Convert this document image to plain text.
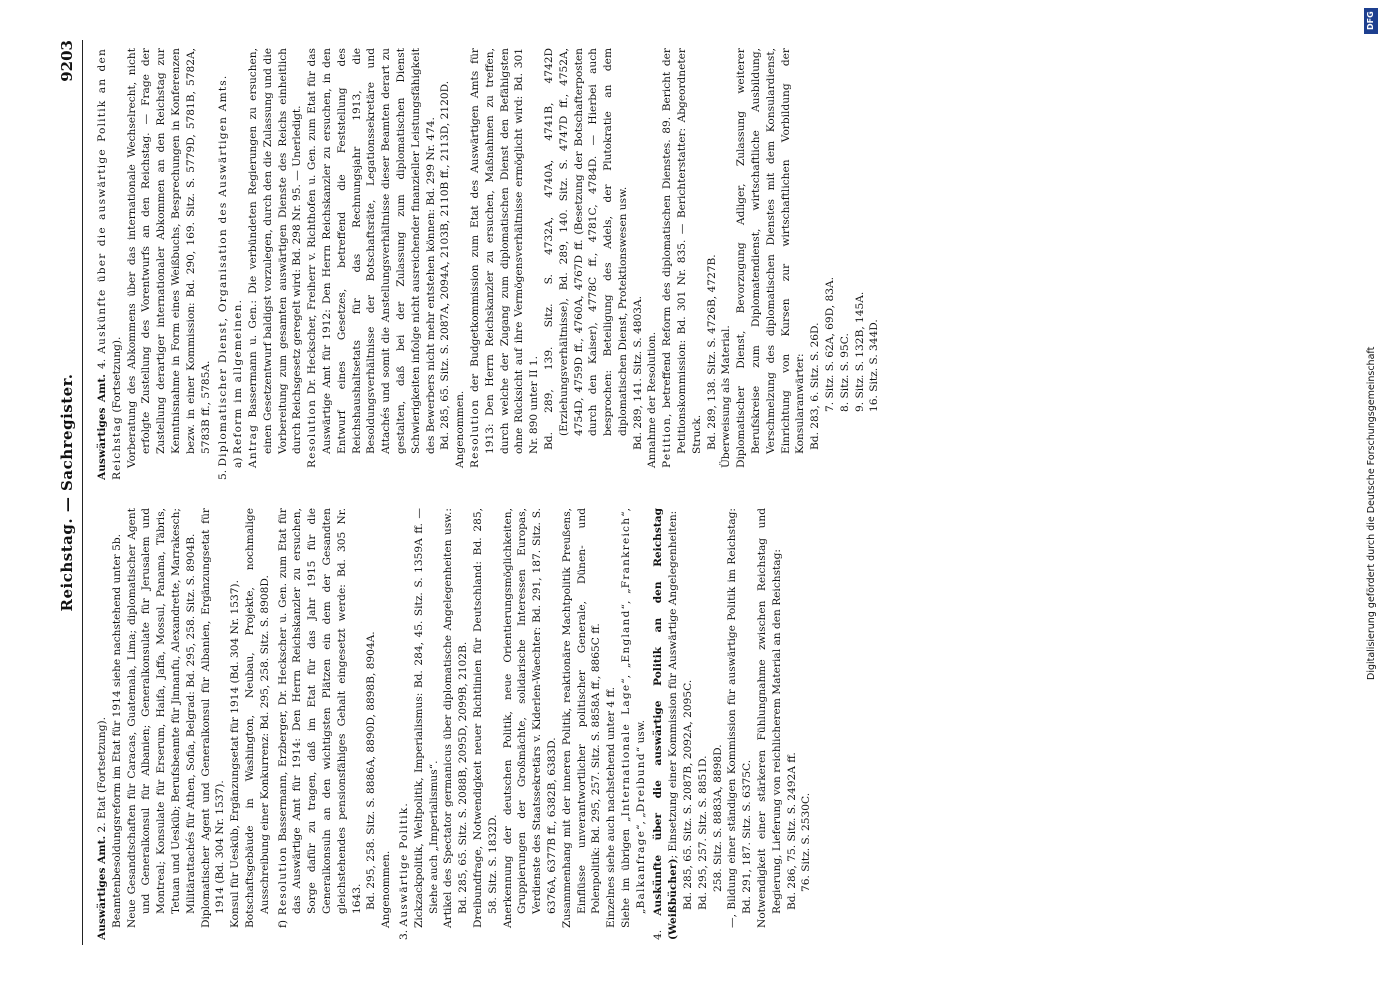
Reichstag. — Sachregister.
9203

Auswärtiges Amt. 2. Etat (Fortsetzung). Beamtenbesoldungsreform im Etat für 1914 siehe nachstehend unter 5b. Neue Gesandtschaften für Caracas, Guatemala, Lima; diplomatischer Agent und Generalkonsul für Albanien; Generalkonsulate für Jerusalem und Montreal; Konsulate für Erserum, Haifa, Jaffa, Mossul, Panama, Täbris, Tetuan und Uesküb; Berufsbeamte für Jinnanfu, Alexandrette, Marrakesch; Militärattachés für Athen, Sofia, Belgrad: Bd. 295, 258. Sitz. S. 8904B. Diplomatischer Agent und Generalkonsul für Albanien, Ergänzungsetat für 1914 (Bd. 304 Nr. 1537). Konsul für Uesküb, Ergänzungsetat für 1914 (Bd. 304 Nr. 1537). Botschaftsgebäude in Washington, Neubau, Projekte, nochmalige Ausschreibung einer Konkurrenz: Bd. 295, 258. Sitz. S. 8908D.

f) Resolution Bassermann, Erzberger, Dr. Heckscher u. Gen. zum Etat für das Auswärtige Amt für 1914: Den Herrn Reichskanzler zu ersuchen, Sorge dafür zu tragen, daß im Etat für das Jahr 1915 für die Generalkonsuln an den wichtigsten Plätzen ein dem der Gesandten gleichstehendes pensionsfähiges Gehalt eingesetzt werde: Bd. 305 Nr. 1643. Bd. 295, 258. Sitz. S. 8886A, 8890D, 8898B, 8904A. Angenommen.

3. Auswärtige Politik. Zickzackpolitik, Weltpolitik, Imperialismus: Bd. 284, 45. Sitz. S. 1359A ff. — Siehe auch „Imperialismus“. Artikel des Spectator germanicus über diplomatische Angelegenheiten usw.: Bd. 285, 65. Sitz. S. 2088B, 2095D, 2099B, 2102B. Dreibundfrage, Notwendigkeit neuer Richtlinien für Deutschland: Bd. 285, 58. Sitz. S. 1832D. Anerkennung der deutschen Politik, neue Orientierungsmöglichkeiten, Gruppierungen der Großmächte, solidarische Interessen Europas, Verdienste des Staatssekretärs v. Kiderlen-Waechter: Bd. 291, 187. Sitz. S. 6376A, 6377B ff., 6382B, 6383D. Zusammenhang mit der inneren Politik, reaktionäre Machtpolitik Preußens, Einflüsse unverantwortlicher politischer Generale, Dünen- und Polenpolitik: Bd. 295, 257. Sitz. S. 8858A ff., 8865C ff. Einzelnes siehe auch nachstehend unter 4 ff. Siehe im übrigen „Internationale Lage“, „England“, „Frankreich“, „Balkanfrage“, „Dreibund“ usw.

4. Auskünfte über die auswärtige Politik an den Reichstag (Weißbücher); Einsetzung einer Kommission für Auswärtige Angelegenheiten: Bd. 285, 65. Sitz. S. 2087B, 2092A, 2095C. Bd. 295, 257. Sitz. S. 8851D. 258. Sitz. S. 8883A, 8898D. —, Bildung einer ständigen Kommission für auswärtige Politik im Reichstag: Bd. 291, 187. Sitz. S. 6375C. Notwendigkeit einer stärkeren Fühlungnahme zwischen Reichstag und Regierung, Lieferung von reichlicherem Material an den Reichstag: Bd. 286, 75. Sitz. S. 2492A ff. 76. Sitz. S. 2530C.

Auswärtiges Amt. 4. Auskünfte über die auswärtige Politik an den Reichstag (Fortsetzung). Vorberatung des Abkommens über das internationale Wechselrecht, nicht erfolgte Zustellung des Vorentwurfs an den Reichstag. — Frage der Zustellung derartiger internationaler Abkommen an den Reichstag zur Kenntnisnahme in Form eines Weißbuchs, Besprechungen in Konferenzen bezw. in einer Kommission: Bd. 290, 169. Sitz. S. 5779D, 5781B, 5782A, 5783B ff., 5785A.

5. Diplomatischer Dienst, Organisation des Auswärtigen Amts. a) Reform im allgemeinen. Antrag Bassermann u. Gen.: Die verbündeten Regierungen zu ersuchen, einen Gesetzentwurf baldigst vorzulegen, durch den die Zulassung und die Vorbereitung zum gesamten auswärtigen Dienste des Reichs einheitlich durch Reichsgesetz geregelt wird: Bd. 298 Nr. 95. — Unerledigt. Resolution Dr. Heckscher, Freiherr v. Richthofen u. Gen. zum Etat für das Auswärtige Amt für 1912: Den Herrn Reichskanzler zu ersuchen, in den Entwurf eines Gesetzes, betreffend die Feststellung des Reichshaushaltsetats für das Rechnungsjahr 1913, die Besoldungsverhältnisse der Botschaftsräte, Legationssekretäre und Attachés und somit die Anstellungsverhältnisse dieser Beamten derart zu gestalten, daß bei der Zulassung zum diplomatischen Dienst Schwierigkeiten infolge nicht ausreichender finanzieller Leistungsfähigkeit des Bewerbers nicht mehr entstehen können: Bd. 299 Nr. 474. Bd. 285, 65. Sitz. S. 2087A, 2094A, 2103B, 2110B ff., 2113D, 2120D. Angenommen. Resolution der Budgetkommission zum Etat des Auswärtigen Amts für 1913: Den Herrn Reichskanzler zu ersuchen, Maßnahmen zu treffen, durch welche der Zugang zum diplomatischen Dienst den Befähigsten ohne Rücksicht auf ihre Vermögensverhältnisse ermöglicht wird: Bd. 301 Nr. 890 unter II 1. Bd. 289, 139. Sitz. S. 4732A, 4740A, 4741B, 4742D (Erziehungsverhältnisse), Bd. 289, 140. Sitz. S. 4747D ff., 4752A, 4754D, 4759D ff., 4760A, 4767D ff. (Besetzung der Botschafterposten durch den Kaiser), 4778C ff., 4781C, 4784D. — Hierbei auch besprochen: Beteiligung des Adels, der Plutokratie an dem diplomatischen Dienst, Protektionswesen usw. Bd. 289, 141. Sitz. S. 4803A. Annahme der Resolution. Petition, betreffend Reform des diplomatischen Dienstes. 89. Bericht der Petitionskommission: Bd. 301 Nr. 835. — Berichterstatter: Abgeordneter Struck. Bd. 289, 138. Sitz. S. 4726B, 4727B. Überweisung als Material. Diplomatischer Dienst, Bevorzugung Adliger, Zulassung weiterer Berufskreise zum Diplomatendienst, wirtschaftliche Ausbildung, Verschmelzung des diplomatischen Dienstes mit dem Konsulardienst, Einrichtung von Kursen zur wirtschaftlichen Vorbildung der Konsularanwärter: Bd. 283, 6. Sitz. S. 26D. 7. Sitz. S. 62A, 69D, 83A. 8. Sitz. S. 95C. 9. Sitz. S. 132B, 145A. 16. Sitz. S. 344D.

DFG
Digitalisierung gefördert durch die Deutsche Forschungsgemeinschaft
